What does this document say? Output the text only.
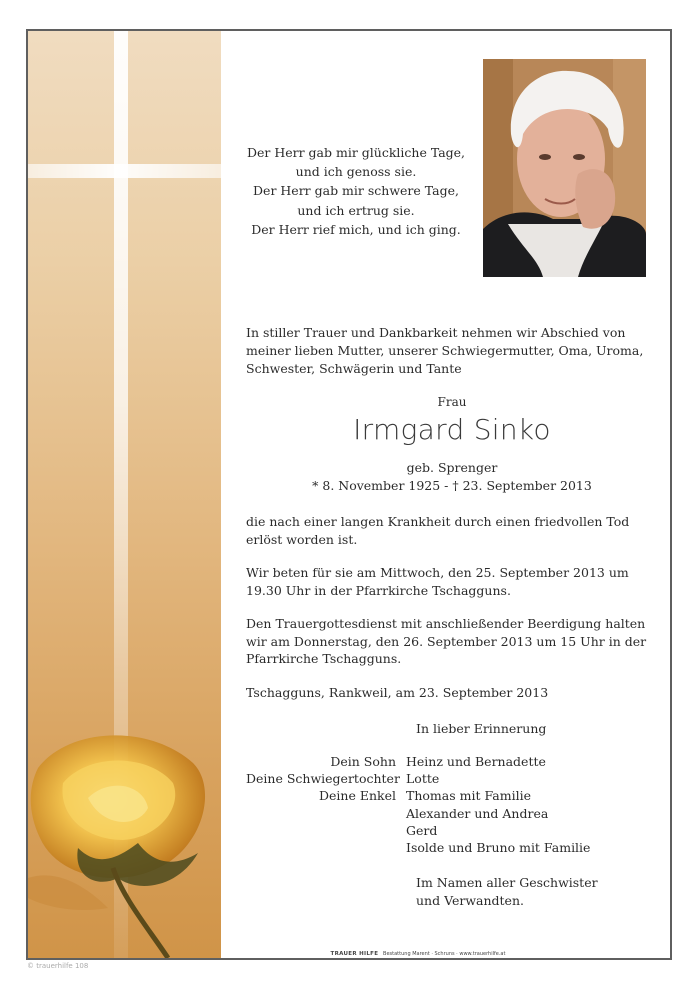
Der Herr gab mir glückliche Tage,
und ich genoss sie.
Der Herr gab mir schwere Tage,
und ich ertrug sie.
Der Herr rief mich, und ich ging.
In stiller Trauer und Dankbarkeit nehmen wir Abschied von meiner lieben Mutter, unserer Schwiegermutter, Oma, Uroma, Schwester, Schwägerin und Tante
Frau
Irmgard Sinko
geb. Sprenger
* 8. November 1925 - † 23. September 2013
die nach einer langen Krankheit durch einen friedvollen Tod erlöst worden ist.
Wir beten für sie am Mittwoch, den 25. September 2013 um 19.30 Uhr in der Pfarrkirche Tschagguns.
Den Trauergottesdienst mit anschließender Beerdigung halten wir am Donnerstag, den 26. September 2013 um 15 Uhr in der Pfarrkirche Tschagguns.
Tschagguns, Rankweil, am 23. September 2013
In lieber Erinnerung
Dein Sohn Heinz und Bernadette
Deine Schwiegertochter Lotte
Deine Enkel Thomas mit Familie
Alexander und Andrea
Gerd
Isolde und Bruno mit Familie
Im Namen aller Geschwister
und Verwandten.
TRAUER HILFE Bestattung Marent · Schruns · www.trauerhilfe.at
© trauerhilfe 108
